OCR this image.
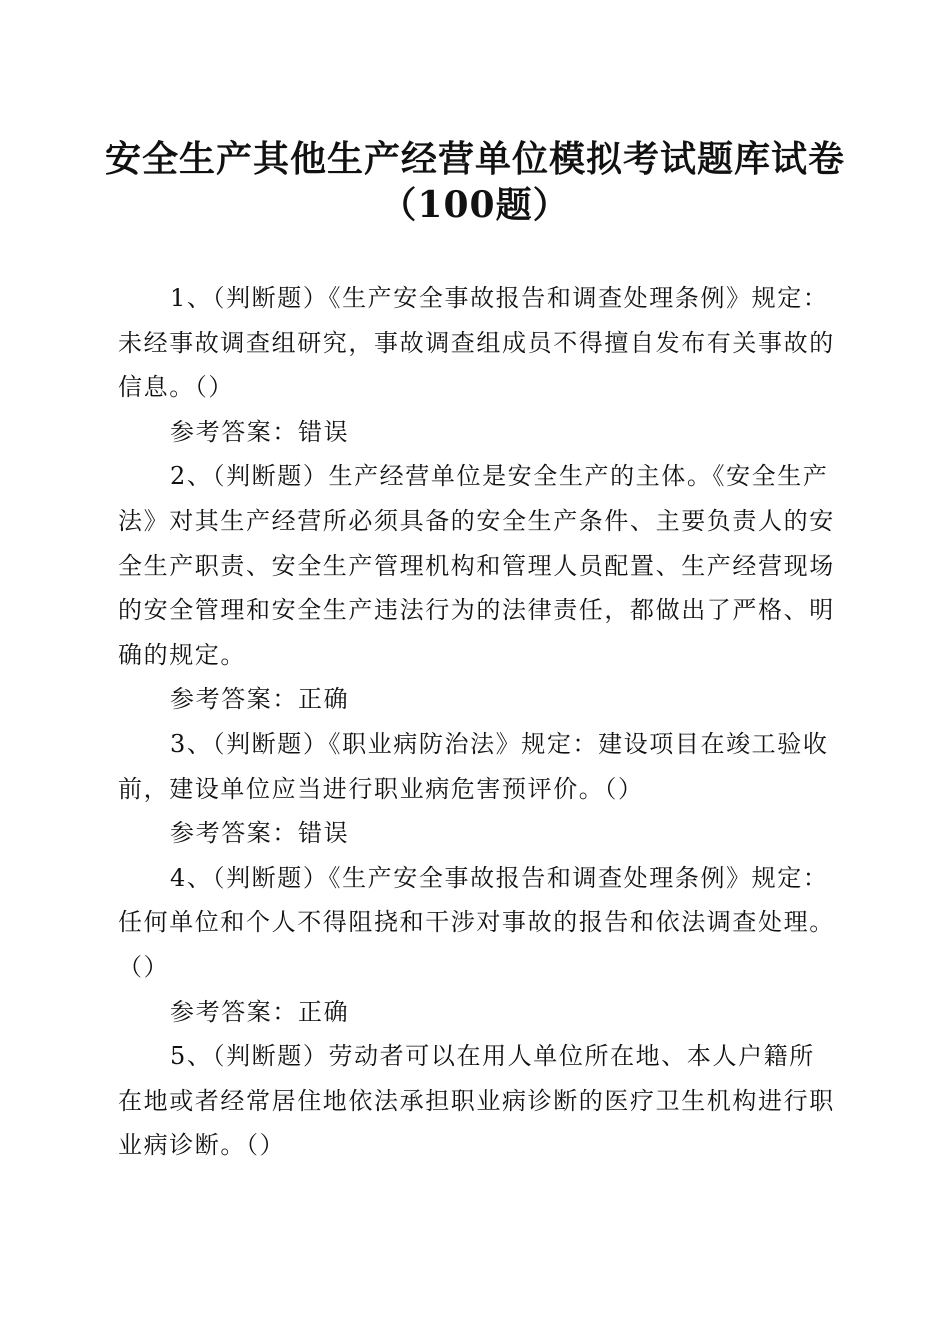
安全生产其他生产经营单位模拟考试题库试卷
（100题）

1、（判断题）《生产安全事故报告和调查处理条例》规定：未经事故调查组研究，事故调查组成员不得擅自发布有关事故的信息。（）

参考答案：错误

2、（判断题）生产经营单位是安全生产的主体。《安全生产法》对其生产经营所必须具备的安全生产条件、主要负责人的安全生产职责、安全生产管理机构和管理人员配置、生产经营现场的安全管理和安全生产违法行为的法律责任，都做出了严格、明确的规定。

参考答案：正确

3、（判断题）《职业病防治法》规定：建设项目在竣工验收前，建设单位应当进行职业病危害预评价。（）

参考答案：错误

4、（判断题）《生产安全事故报告和调查处理条例》规定：任何单位和个人不得阻挠和干涉对事故的报告和依法调查处理。（）

参考答案：正确

5、（判断题）劳动者可以在用人单位所在地、本人户籍所在地或者经常居住地依法承担职业病诊断的医疗卫生机构进行职业病诊断。（）
